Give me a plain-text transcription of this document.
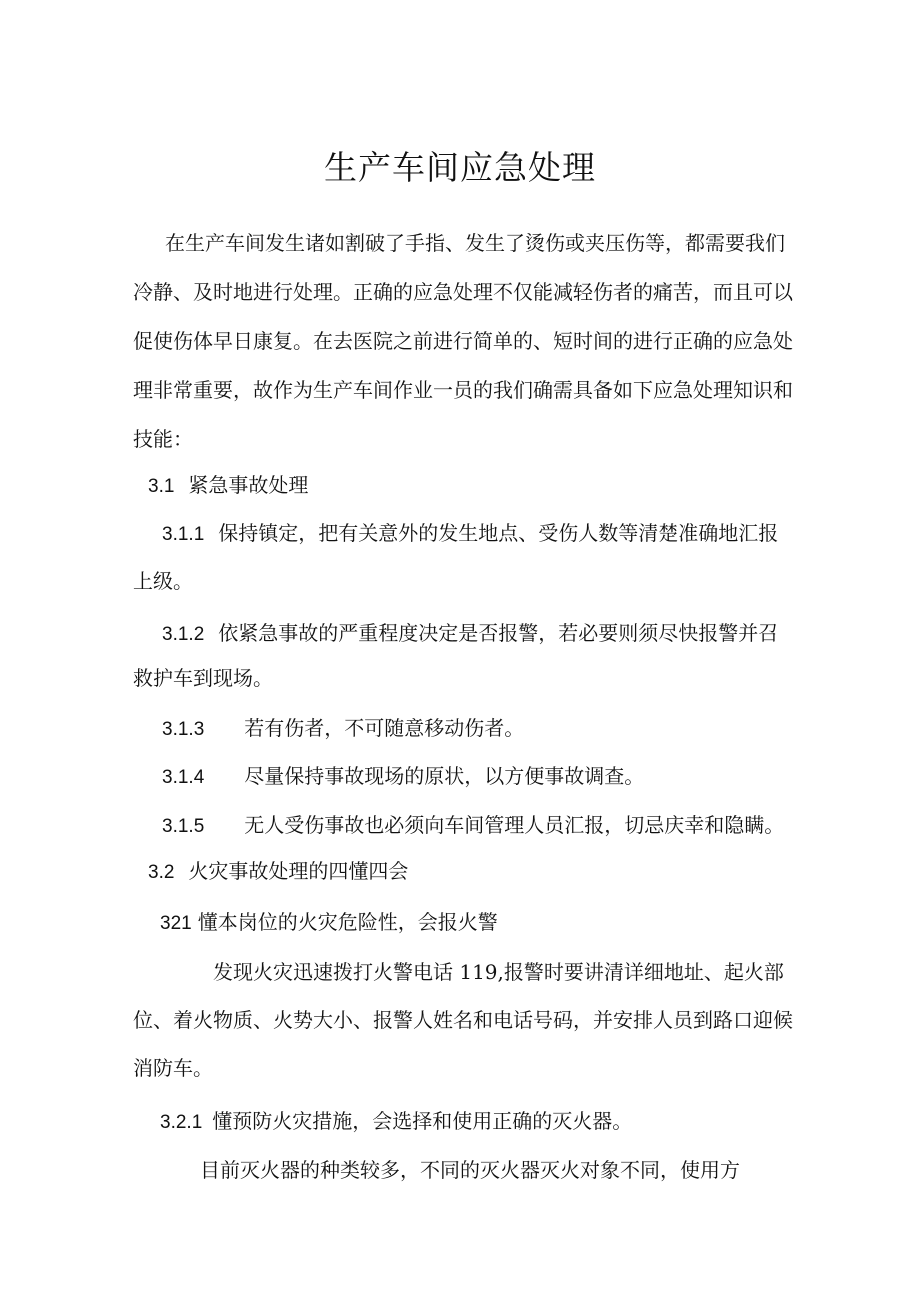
生产车间应急处理
在生产车间发生诸如割破了手指、发生了烫伤或夹压伤等，都需要我们
冷静、及时地进行处理。正确的应急处理不仅能减轻伤者的痛苦，而且可以
促使伤体早日康复。在去医院之前进行简单的、短时间的进行正确的应急处
理非常重要，故作为生产车间作业一员的我们确需具备如下应急处理知识和
技能：
3.1 紧急事故处理
3.1.1 保持镇定，把有关意外的发生地点、受伤人数等清楚准确地汇报
上级。
3.1.2 依紧急事故的严重程度决定是否报警，若必要则须尽快报警并召
救护车到现场。
3.1.3 若有伤者，不可随意移动伤者。
3.1.4 尽量保持事故现场的原状，以方便事故调查。
3.1.5 无人受伤事故也必须向车间管理人员汇报，切忌庆幸和隐瞒。
3.2 火灾事故处理的四懂四会
321 懂本岗位的火灾危险性，会报火警
发现火灾迅速拨打火警电话 119,报警时要讲清详细地址、起火部
位、着火物质、火势大小、报警人姓名和电话号码，并安排人员到路口迎候
消防车。
3.2.1 懂预防火灾措施，会选择和使用正确的灭火器。
目前灭火器的种类较多，不同的灭火器灭火对象不同，使用方
